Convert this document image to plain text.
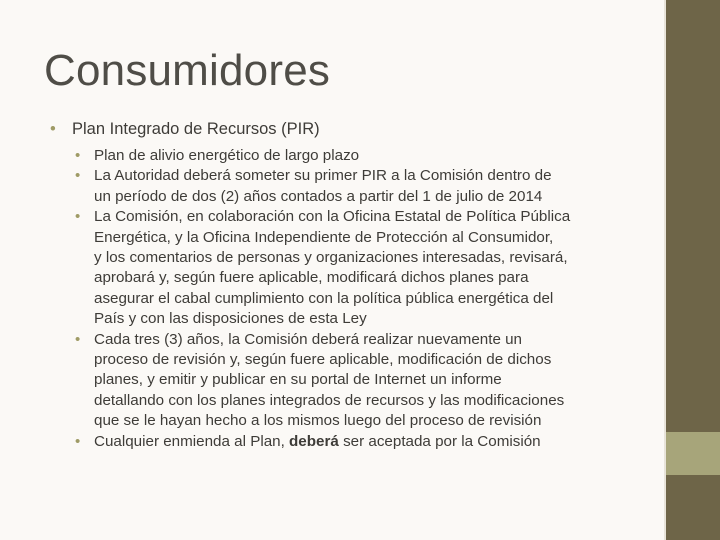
Consumidores
• Plan Integrado de Recursos (PIR)
• Plan de alivio energético de largo plazo
• La Autoridad deberá someter su primer PIR a la Comisión dentro de
un período de dos (2) años contados a partir del 1 de julio de 2014
• La Comisión, en colaboración con la Oficina Estatal de Política Pública
Energética, y la Oficina Independiente de Protección al Consumidor,
y los comentarios de personas y organizaciones interesadas, revisará,
aprobará y, según fuere aplicable, modificará dichos planes para
asegurar el cabal cumplimiento con la política pública energética del
País y con las disposiciones de esta Ley
• Cada tres (3) años, la Comisión deberá realizar nuevamente un
proceso de revisión y, según fuere aplicable, modificación de dichos
planes, y emitir y publicar en su portal de Internet un informe
detallando con los planes integrados de recursos y las modificaciones
que se le hayan hecho a los mismos luego del proceso de revisión
• Cualquier enmienda al Plan, deberá ser aceptada por la Comisión
